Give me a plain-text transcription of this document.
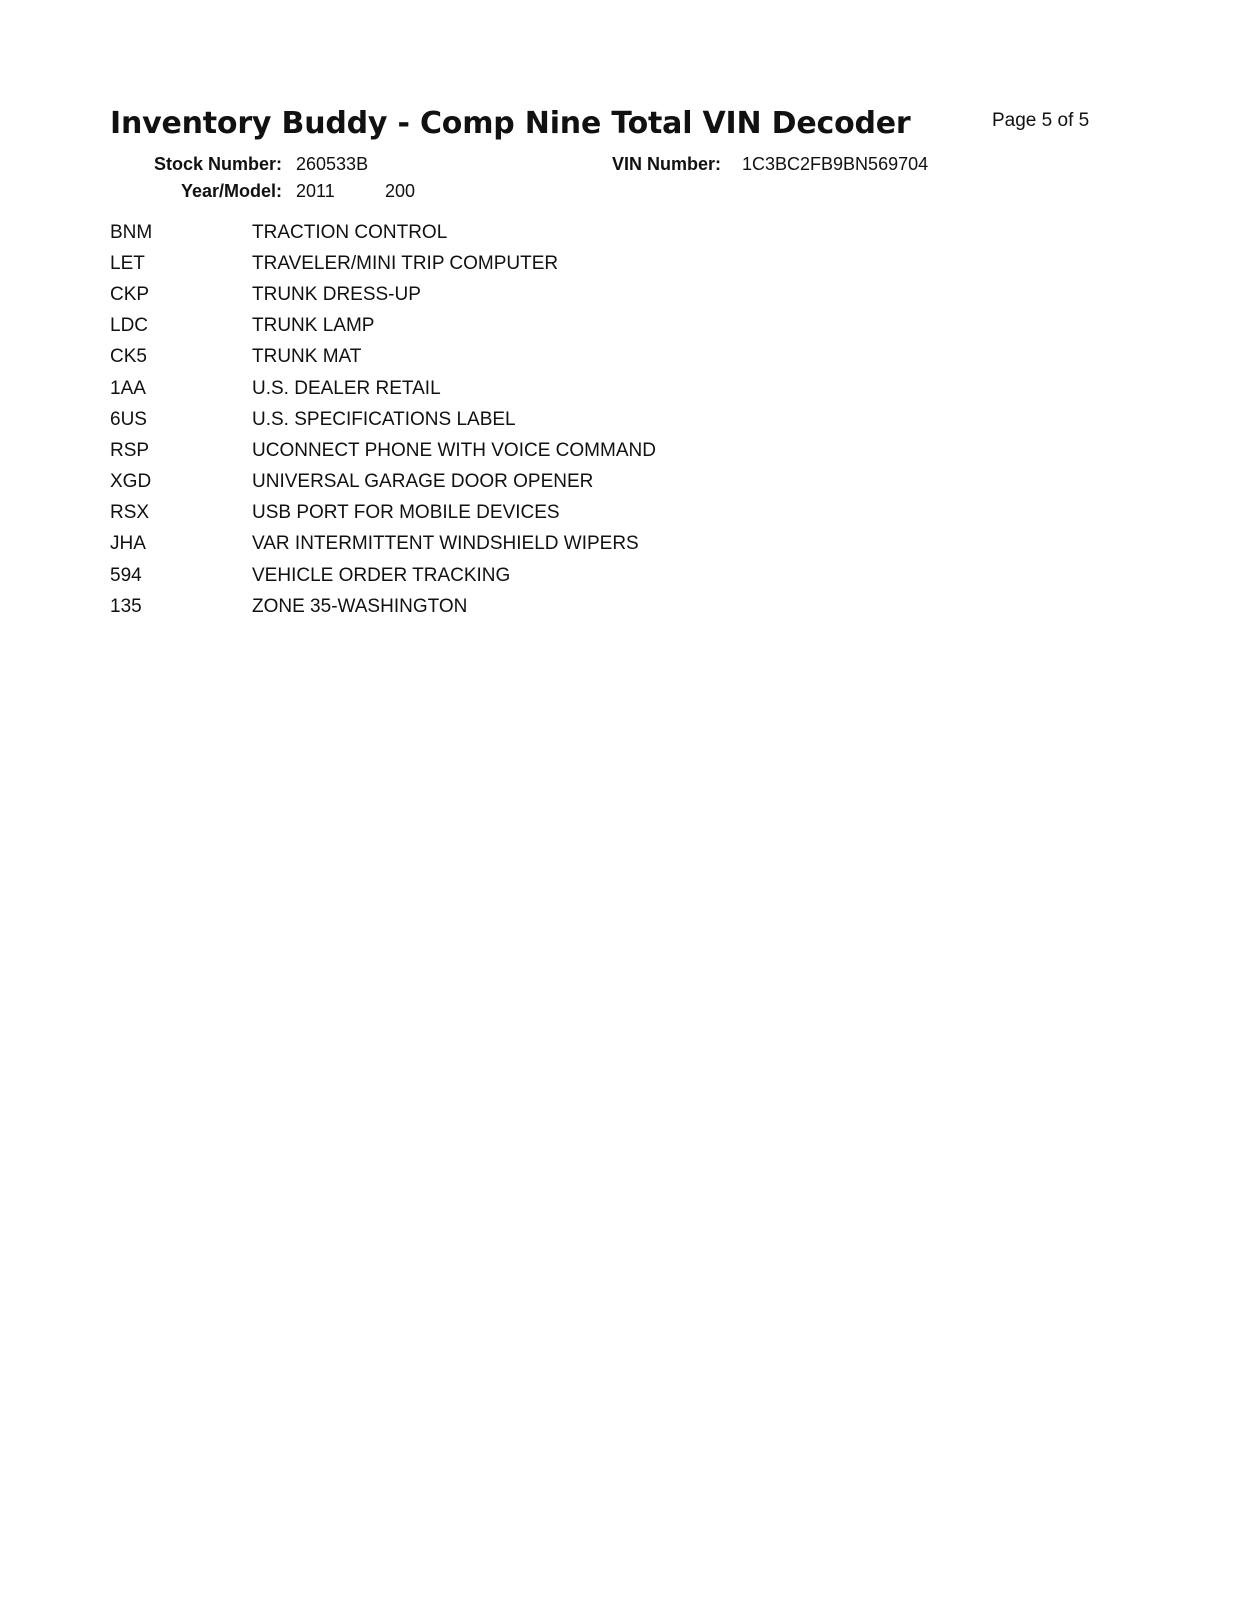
Inventory Buddy - Comp Nine Total VIN Decoder	Page 5 of 5
Stock Number: 260533B
Year/Model: 2011	200
VIN Number: 1C3BC2FB9BN569704
BNM	TRACTION CONTROL
LET	TRAVELER/MINI TRIP COMPUTER
CKP	TRUNK DRESS-UP
LDC	TRUNK LAMP
CK5	TRUNK MAT
1AA	U.S. DEALER RETAIL
6US	U.S. SPECIFICATIONS LABEL
RSP	UCONNECT PHONE WITH VOICE COMMAND
XGD	UNIVERSAL GARAGE DOOR OPENER
RSX	USB PORT FOR MOBILE DEVICES
JHA	VAR INTERMITTENT WINDSHIELD WIPERS
594	VEHICLE ORDER TRACKING
135	ZONE 35-WASHINGTON
